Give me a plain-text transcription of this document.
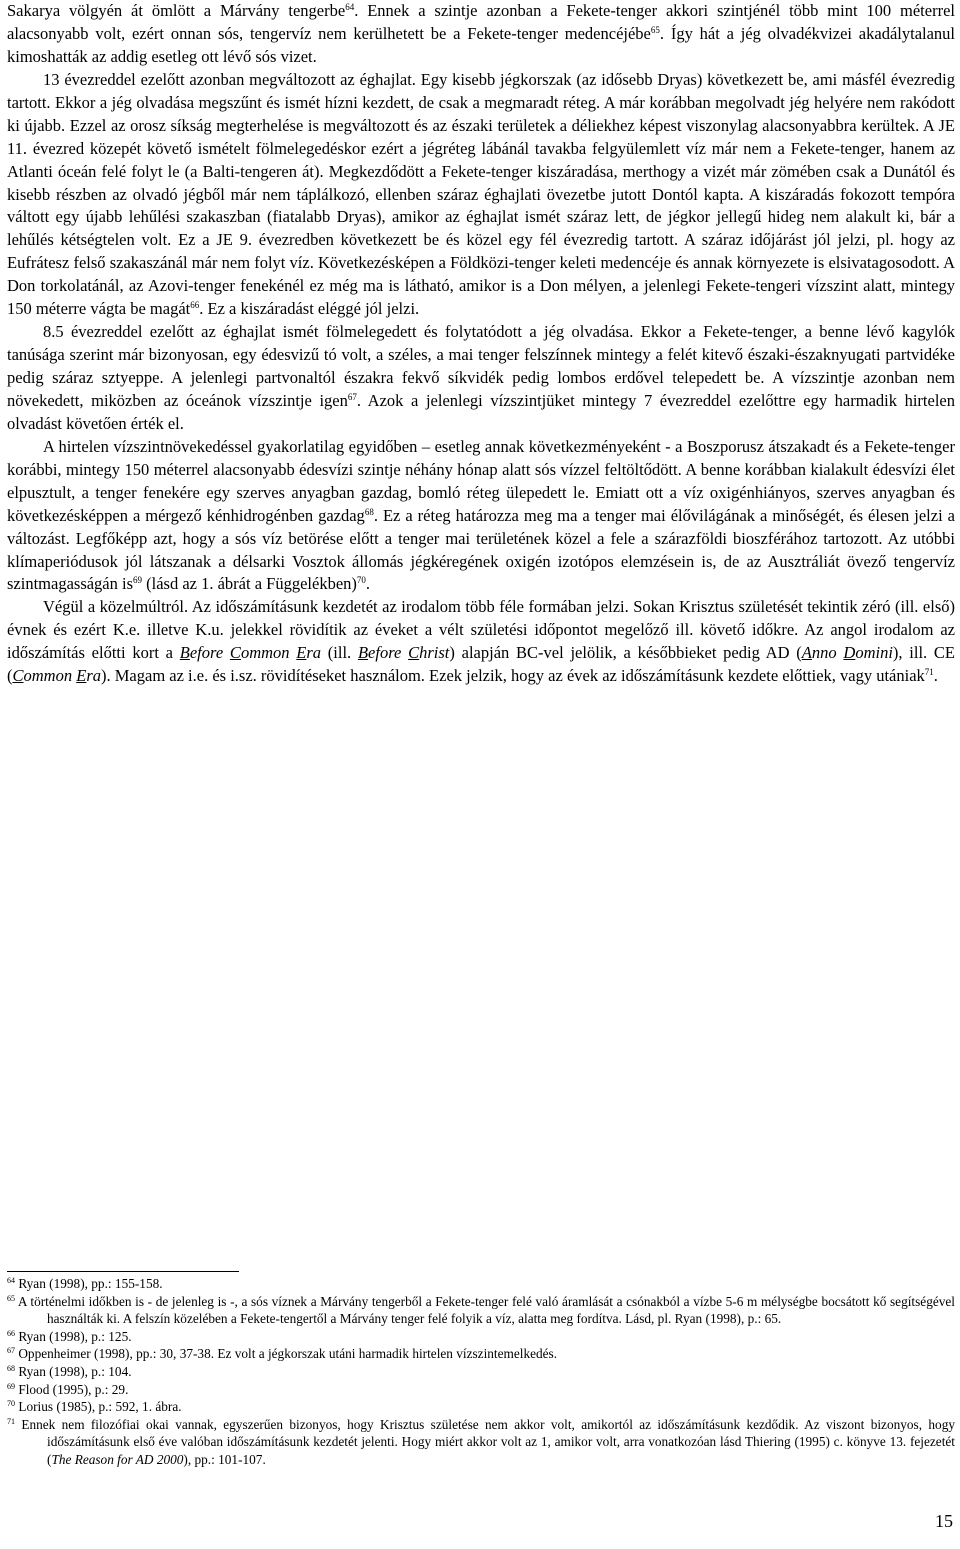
Sakarya völgyén át ömlött a Márvány tengerbe$^{64}$. Ennek a szintje azonban a Fekete-tenger akkori szintjénél több mint 100 méterrel alacsonyabb volt, ezért onnan sós, tengervíz nem kerülhetett be a Fekete-tenger medencéjébe$^{65}$. Így hát a jég olvadékvizei akadálytalanul kimoshatták az addig esetleg ott lévő sós vizet.

13 évezreddel ezelőtt azonban megváltozott az éghajlat. Egy kisebb jégkorszak (az idősebb Dryas) következett be, ami másfél évezredig tartott. Ekkor a jég olvadása megszűnt és ismét hízni kezdett, de csak a megmaradt réteg. A már korábban megolvadt jég helyére nem rakódott ki újabb. Ezzel az orosz síkság megterhelése is megváltozott és az északi területek a déliekhez képest viszonylag alacsonyabbra kerültek. A JE 11. évezred közepét követő ismételt fölmelegedéskor ezért a jégréteg lábánál tavakba felgyülemlett víz már nem a Fekete-tenger, hanem az Atlanti óceán felé folyt le (a Balti-tengeren át). Megkezdődött a Fekete-tenger kiszáradása, merthogy a vizét már zömében csak a Dunától és kisebb részben az olvadó jégből már nem táplálkozó, ellenben száraz éghajlati övezetbe jutott Dontól kapta. A kiszáradás fokozott tempóra váltott egy újabb lehűlési szakaszban (fiatalabb Dryas), amikor az éghajlat ismét száraz lett, de jégkor jellegű hideg nem alakult ki, bár a lehűlés kétségtelen volt. Ez a JE 9. évezredben következett be és közel egy fél évezredig tartott. A száraz időjárást jól jelzi, pl. hogy az Eufrátesz felső szakaszánál már nem folyt víz. Következésképen a Földközi-tenger keleti medencéje és annak környezete is elsivatagosodott. A Don torkolatánál, az Azovi-tenger fenekénél ez még ma is látható, amikor is a Don mélyen, a jelenlegi Fekete-tengeri vízszint alatt, mintegy 150 méterre vágta be magát$^{66}$. Ez a kiszáradást eléggé jól jelzi.

8.5 évezreddel ezelőtt az éghajlat ismét fölmelegedett és folytatódott a jég olvadása. Ekkor a Fekete-tenger, a benne lévő kagylók tanúsága szerint már bizonyosan, egy édesvizű tó volt, a széles, a mai tenger felszínnek mintegy a felét kitevő északi-északnyugati partvidéke pedig száraz sztyeppe. A jelenlegi partvonaltól északra fekvő síkvidék pedig lombos erdővel telepedett be. A vízszintje azonban nem növekedett, miközben az óceánok vízszintje igen$^{67}$. Azok a jelenlegi vízszintjüket mintegy 7 évezreddel ezelőttre egy harmadik hirtelen olvadást követően érték el.

A hirtelen vízszintnövekedéssel gyakorlatilag egyidőben – esetleg annak következményeként - a Boszporusz átszakadt és a Fekete-tenger korábbi, mintegy 150 méterrel alacsonyabb édesvízi szintje néhány hónap alatt sós vízzel feltöltődött. A benne korábban kialakult édesvízi élet elpusztult, a tenger fenekére egy szerves anyagban gazdag, bomló réteg ülepedett le. Emiatt ott a víz oxigénhiányos, szerves anyagban és következésképpen a mérgező kénhidrogénben gazdag$^{68}$. Ez a réteg határozza meg ma a tenger mai élővilágának a minőségét, és élesen jelzi a változást. Legfőképp azt, hogy a sós víz betörése előtt a tenger mai területének közel a fele a szárazföldi bioszférához tartozott. Az utóbbi klímaperiódusok jól látszanak a délsarki Vosztok állomás jégkéregének oxigén izotópos elemzésein is, de az Ausztráliát övező tengervíz szintmagasságán $is^{69}$ (lásd az 1. ábrát a Függelékben)$^{70}$.

Végül a közelmúltról. Az időszámításunk kezdetét az irodalom több féle formában jelzi. Sokan Krisztus születését tekintik zéró (ill. első) évnek és ezért K.e. illetve K.u. jelekkel rövidítik az éveket a vélt születési időpontot megelőző ill. követő időkre. Az angol irodalom az időszámítás előtti kort a Before Common Era (ill. Before Christ) alapján BC-vel jelölik, a későbbieket pedig AD (Anno Domini), ill. CE (Common Era). Magam az i.e. és i.sz. rövidítéseket használom. Ezek jelzik, hogy az évek az időszámításunk kezdete előttiek, vagy utániak$^{71}$.

$^{64}$ Ryan (1998), pp.: 155-158.

$^{65}$ A történelmi időkben is - de jelenleg is -, a sós víznek a Márvány tengerből a Fekete-tenger felé való áramlását a csónakból a vízbe 5-6 m mélységbe bocsátott kő segítségével használták ki. A felszín közelében a Fekete-tengertől a Márvány tenger felé folyik a víz, alatta meg fordítva. Lásd, pl. Ryan (1998), p.: 65.

$^{66}$ Ryan (1998), p.: 125.

$^{67}$ Oppenheimer (1998), pp.: 30, 37-38. Ez volt a jégkorszak utáni harmadik hirtelen vízszintemelkedés.

$^{68}$ Ryan (1998), p.: 104.

$^{69}$ Flood (1995), p.: 29.

$^{70}$ Lorius (1985), p.: 592, 1. ábra.

$^{71}$ Ennek nem filozófiai okai vannak, egyszerűen bizonyos, hogy Krisztus születése nem akkor volt, amikortól az időszámításunk kezdődik. Az viszont bizonyos, hogy időszámításunk első éve valóban időszámításunk kezdetét jelenti. Hogy miért akkor volt az 1, amikor volt, arra vonatkozóan lásd Thiering (1995) c. könyve 13. fejezetét (The Reason for AD 2000), pp.: 101-107.

15
